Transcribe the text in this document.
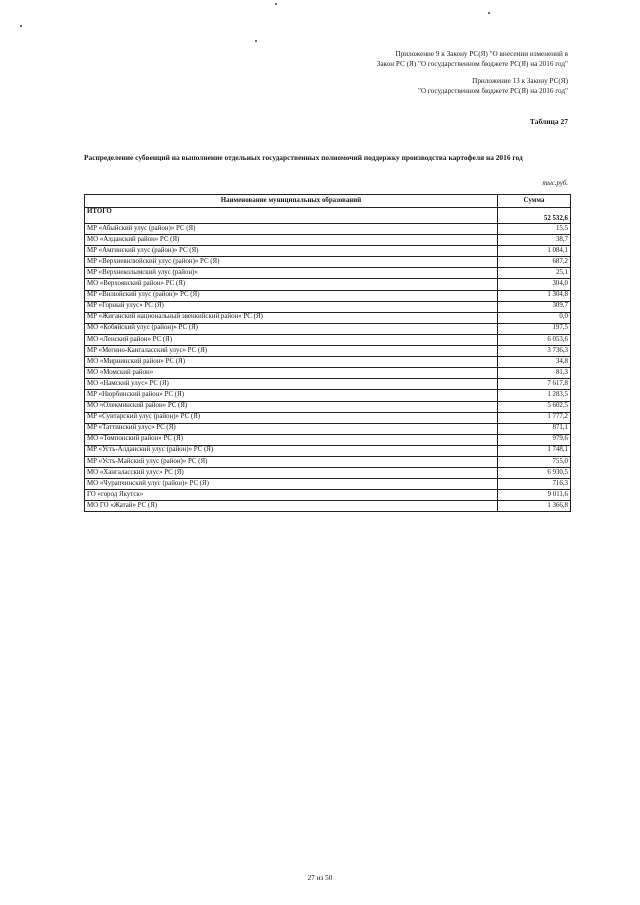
Приложение 9 к Закону РС(Я) "О внесении изменений в
Закон РС (Я) "О государственном бюджете РС(Я) на 2016 год"
Приложение 13 к Закону РС(Я)
"О государственном бюджете РС(Я) на 2016 год"
Таблица 27
Распределение субвенций на выполнение отдельных государственных полномочий поддержку производства картофеля на 2016 год
тыс.руб.
Наименование муниципальных образований	Сумма
ИТОГО	52 532,6
МР «Абыйский улус (район)» РС (Я)	15,5
МО «Алданский район» РС (Я)	38,7
МР «Амгинский улус (район)» РС (Я)	1 084,1
МР «Верхневилюйский улус (район)» РС (Я)	687,2
МР «Верхнеколымский улус (район)»	25,1
МО «Верхоянский район» РС (Я)	304,0
МР «Вилюйский улус (район)» РС (Я)	1 304,8
МР «Горный улус» РС (Я)	309,7
МР «Жиганский национальный эвенкийский район» РС (Я)	0,0
МО «Кобяйский улус (район)» РС (Я)	197,5
МО «Ленский район» РС (Я)	6 053,6
МР «Мегино-Кангаласский улус» РС (Я)	3 736,3
МО «Мирнинский район» РС (Я)	34,8
МО «Момский район»	81,3
МО «Намский улус» РС (Я)	7 617,8
МР «Нюрбинский район» РС (Я)	1 283,5
МО «Олекминский район» РС (Я)	5 602,5
МР «Сунтарский улус (район)» РС (Я)	1 777,2
МР «Таттинский улус» РС (Я)	871,1
МО «Томпонский район» РС (Я)	979,6
МР «Усть-Алданский улус (район)» РС (Я)	1 748,1
МР «Усть-Майский улус (район)» РС (Я)	755,0
МО «Хангаласский улус» РС (Я)	6 930,5
МО «Чурапчинский улус (район)» РС (Я)	716,3
ГО «город Якутск»	9 011,6
МО ГО «Жатай» РС (Я)	1 366,8
27 из 50
